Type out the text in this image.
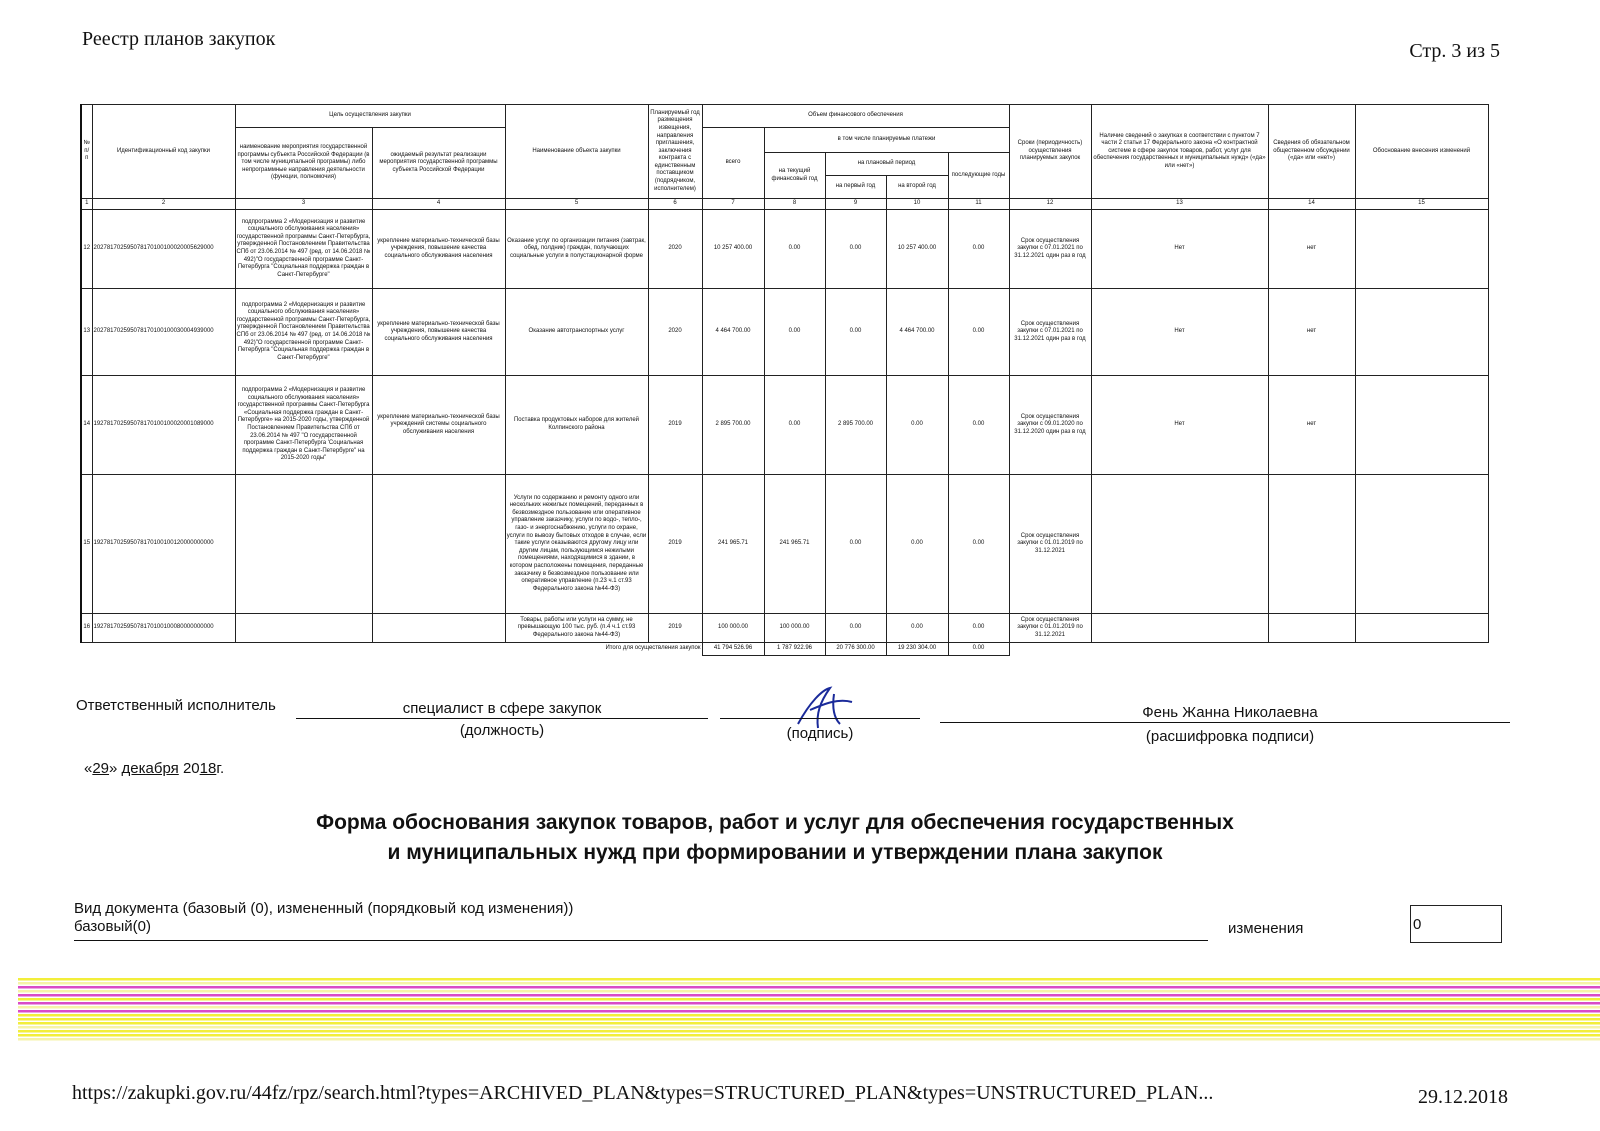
Реестр планов закупок
Стр. 3 из 5
№ п/п	Идентификационный код закупки	Цель осуществления закупки		Наименование объекта закупки	Планируемый год размещения извещения, направления приглашения, заключения контракта с единственным поставщиком (подрядчиком, исполнителем)	Объем финансового обеспечения					Сроки (периодичность) осуществления планируемых закупок	Наличие сведений о закупках в соответствии с пунктом 7 части 2 статьи 17 Федерального закона «О контрактной системе в сфере закупок товаров, работ, услуг для обеспечения государственных и муниципальных нужд» («да» или «нет»)	Сведения об обязательном общественном обсуждении («да» или «нет»)	Обоснование внесения изменений
		наименование мероприятия государственной программы субъекта Российской Федерации (в том числе муниципальной программы) либо непрограммные направления деятельности (функции, полномочия)	ожидаемый результат реализации мероприятия государственной программы субъекта Российской Федерации			всего	в том числе планируемые платежи							
							на текущий финансовый год	на плановый период		последующие годы				
								на первый год	на второй год					
1	2	3	4	5	6	7	8	9	10	11	12	13	14	15
12	202781702595078170100100020005629000	подпрограмма 2 «Модернизация и развитие социального обслуживания населения» государственной программы Санкт-Петербурга, утвержденной Постановлением Правительства СПб от 23.06.2014 № 497 (ред. от 14.06.2018 № 492)"О государственной программе Санкт-Петербурга "Социальная поддержка граждан в Санкт-Петербурге"	укрепление материально-технической базы учреждения, повышение качества социального обслуживания населения	Оказание услуг по организации питания (завтрак, обед, полдник) граждан, получающих социальные услуги в полустационарной форме	2020	10 257 400.00	0.00	0.00	10 257 400.00	0.00	Срок осуществления закупки с 07.01.2021 по 31.12.2021 один раз в год	Нет	нет	
13	202781702595078170100100030004939000	подпрограмма 2 «Модернизация и развитие социального обслуживания населения» государственной программы Санкт-Петербурга, утвержденной Постановлением Правительства СПб от 23.06.2014 № 497 (ред. от 14.06.2018 № 492)"О государственной программе Санкт-Петербурга "Социальная поддержка граждан в Санкт-Петербурге"	укрепление материально-технической базы учреждения, повышение качества социального обслуживания населения	Оказание автотранспортных услуг	2020	4 464 700.00	0.00	0.00	4 464 700.00	0.00	Срок осуществления закупки с 07.01.2021 по 31.12.2021 один раз в год	Нет	нет	
14	192781702595078170100100020001089000	подпрограмма 2 «Модернизация и развитие социального обслуживания населения» государственной программы Санкт-Петербурга «Социальная поддержка граждан в Санкт-Петербурге» на 2015-2020 годы, утвержденной Постановлением Правительства СПб от 23.06.2014 № 497 "О государственной программе Санкт-Петербурга 'Социальная поддержка граждан в Санкт-Петербурге" на 2015-2020 годы"	укрепление материально-технической базы учреждений системы социального обслуживания населения	Поставка продуктовых наборов для жителей Колпинского района	2019	2 895 700.00	0.00	2 895 700.00	0.00	0.00	Срок осуществления закупки с 09.01.2020 по 31.12.2020 один раз в год	Нет	нет	
15	192781702595078170100100120000000000			Услуги по содержанию и ремонту одного или нескольких нежилых помещений, переданных в безвозмездное пользование или оперативное управление заказчику, услуги по водо-, тепло-, газо- и энергоснабжению, услуги по охране, услуги по вывозу бытовых отходов в случае, если такие услуги оказываются другому лицу или другим лицам, пользующимся нежилыми помещениями, находящимися в здании, в котором расположены помещения, переданные заказчику в безвозмездное пользование или оперативное управление (п.23 ч.1 ст.93 Федерального закона №44-ФЗ)	2019	241 965.71	241 965.71	0.00	0.00	0.00	Срок осуществления закупки с 01.01.2019 по 31.12.2021			
16	192781702595078170100100080000000000			Товары, работы или услуги на сумму, не превышающую 100 тыс. руб. (п.4 ч.1 ст.93 Федерального закона №44-ФЗ)	2019	100 000.00	100 000.00	0.00	0.00	0.00	Срок осуществления закупки с 01.01.2019 по 31.12.2021			
Итого для осуществления закупок						41 794 526.96	1 787 922.96	20 776 300.00	19 230 304.00	0.00				
Ответственный исполнитель	специалист в сфере закупок
(должность)	(подпись)
Фень Жанна Николаевна
(расшифровка подписи)
«29» декабря 2018г.
Форма обоснования закупок товаров, работ и услуг для обеспечения государственных
и муниципальных нужд при формировании и утверждении плана закупок
Вид документа (базовый (0), измененный (порядковый код изменения))
базовый(0)	изменения	0
https://zakupki.gov.ru/44fz/rpz/search.html?types=ARCHIVED_PLAN&types=STRUCTURED_PLAN&types=UNSTRUCTURED_PLAN...	29.12.2018
